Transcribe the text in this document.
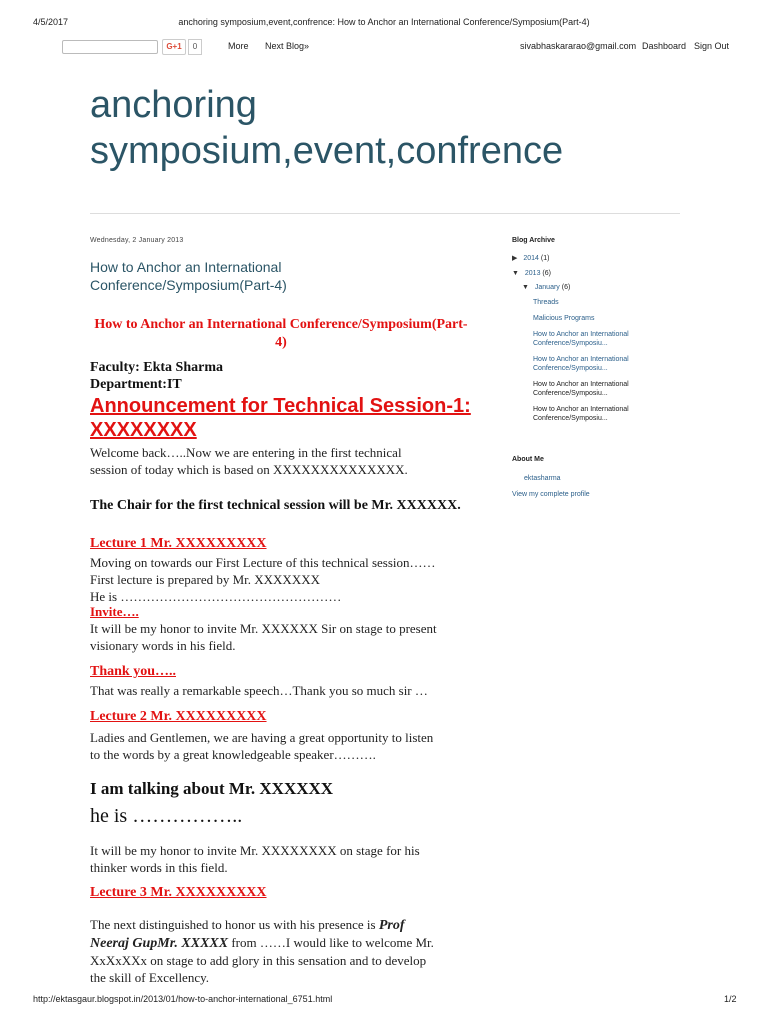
4/5/2017	anchoring symposium,event,confrence: How to Anchor an International Conference/Symposium(Part-4)
G+1	0	More Next Blog»	sivabhaskararao@gmail.com Dashboard Sign Out
anchoring
symposium,event,confrence
Wednesday, 2 January 2013
How to Anchor an International
Conference/Symposium(Part-4)
How to Anchor an International Conference/Symposium(Part-
4)
Faculty: Ekta Sharma
Department:IT
Announcement for Technical Session-1:
XXXXXXXX
Welcome back…..Now we are entering in the first technical
session of today which is based on XXXXXXXXXXXXXX.
The Chair for the first technical session will be Mr. XXXXXX.
Lecture 1 Mr. XXXXXXXXX
Moving on towards our First Lecture of this technical session……
First lecture is prepared by Mr. XXXXXXX
He is ……………………………………………
Invite….
It will be my honor to invite Mr. XXXXXX Sir on stage to present
visionary words in his field.
Thank you…..
That was really a remarkable speech…Thank you so much sir …
Lecture 2 Mr. XXXXXXXXX
Ladies and Gentlemen, we are having a great opportunity to listen
to the words by a great knowledgeable speaker……….
I am talking about Mr. XXXXXX
he is ……………..
It will be my honor to invite Mr. XXXXXXXX on stage for his
thinker words in this field.
Lecture 3 Mr. XXXXXXXXX
The next distinguished to honor us with his presence is Prof
Neeraj GupMr. XXXXX from ……I would like to welcome Mr.
XxXxXXx on stage to add glory in this sensation and to develop
the skill of Excellency.
Blog Archive
▶ 2014 (1)
▼ 2013 (6)
▼ January (6)
Threads
Malicious Programs
How to Anchor an International Conference/Symposiu...
How to Anchor an International Conference/Symposiu...
How to Anchor an International Conference/Symposiu...
How to Anchor an International Conference/Symposiu...
About Me
ektasharma
View my complete profile
http://ektasgaur.blogspot.in/2013/01/how-to-anchor-international_6751.html	1/2
